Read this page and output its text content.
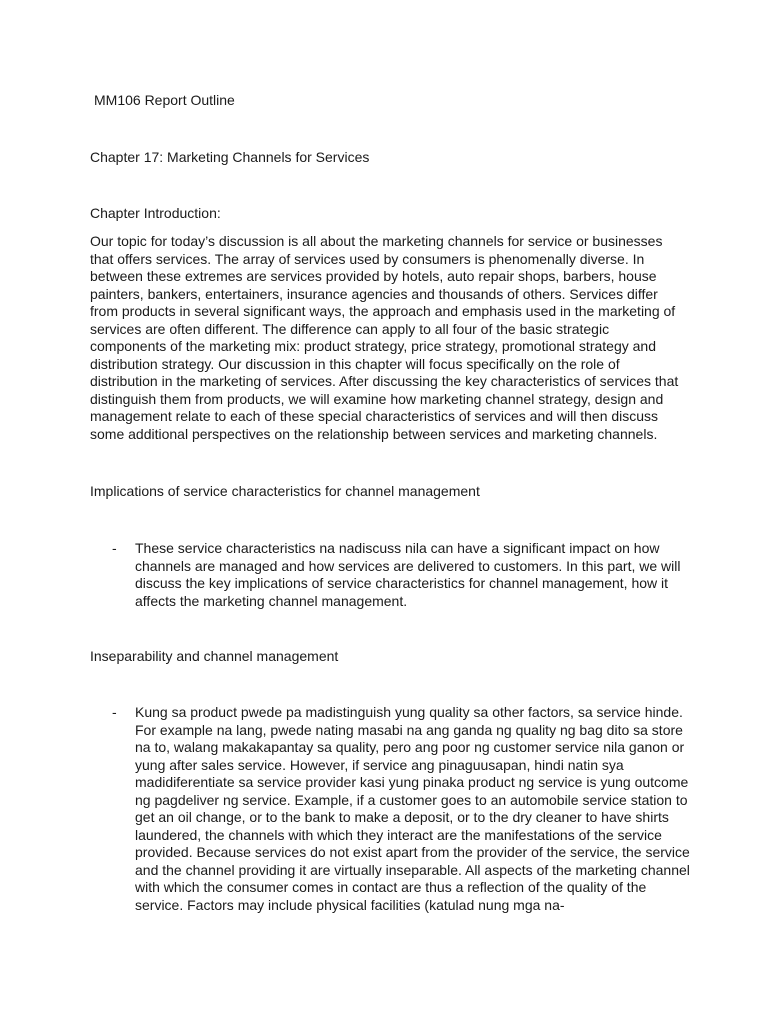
MM106 Report Outline
Chapter 17: Marketing Channels for Services
Chapter Introduction:
Our topic for today’s discussion is all about the marketing channels for service or businesses that offers services. The array of services used by consumers is phenomenally diverse. In between these extremes are services provided by hotels, auto repair shops, barbers, house painters, bankers, entertainers, insurance agencies and thousands of others. Services differ from products in several significant ways, the approach and emphasis used in the marketing of services are often different. The difference can apply to all four of the basic strategic components of the marketing mix: product strategy, price strategy, promotional strategy and distribution strategy. Our discussion in this chapter will focus specifically on the role of distribution in the marketing of services. After discussing the key characteristics of services that distinguish them from products, we will examine how marketing channel strategy, design and management relate to each of these special characteristics of services and will then discuss some additional perspectives on the relationship between services and marketing channels.
Implications of service characteristics for channel management
- These service characteristics na nadiscuss nila can have a significant impact on how channels are managed and how services are delivered to customers. In this part, we will discuss the key implications of service characteristics for channel management, how it affects the marketing channel management.
Inseparability and channel management
- Kung sa product pwede pa madistinguish yung quality sa other factors, sa service hinde. For example na lang, pwede nating masabi na ang ganda ng quality ng bag dito sa store na to, walang makakapantay sa quality, pero ang poor ng customer service nila ganon or yung after sales service. However, if service ang pinaguusapan, hindi natin sya madidiferentiate sa service provider kasi yung pinaka product ng service is yung outcome ng pagdeliver ng service. Example, if a customer goes to an automobile service station to get an oil change, or to the bank to make a deposit, or to the dry cleaner to have shirts laundered, the channels with which they interact are the manifestations of the service provided. Because services do not exist apart from the provider of the service, the service and the channel providing it are virtually inseparable. All aspects of the marketing channel with which the consumer comes in contact are thus a reflection of the quality of the service. Factors may include physical facilities (katulad nung mga na-
